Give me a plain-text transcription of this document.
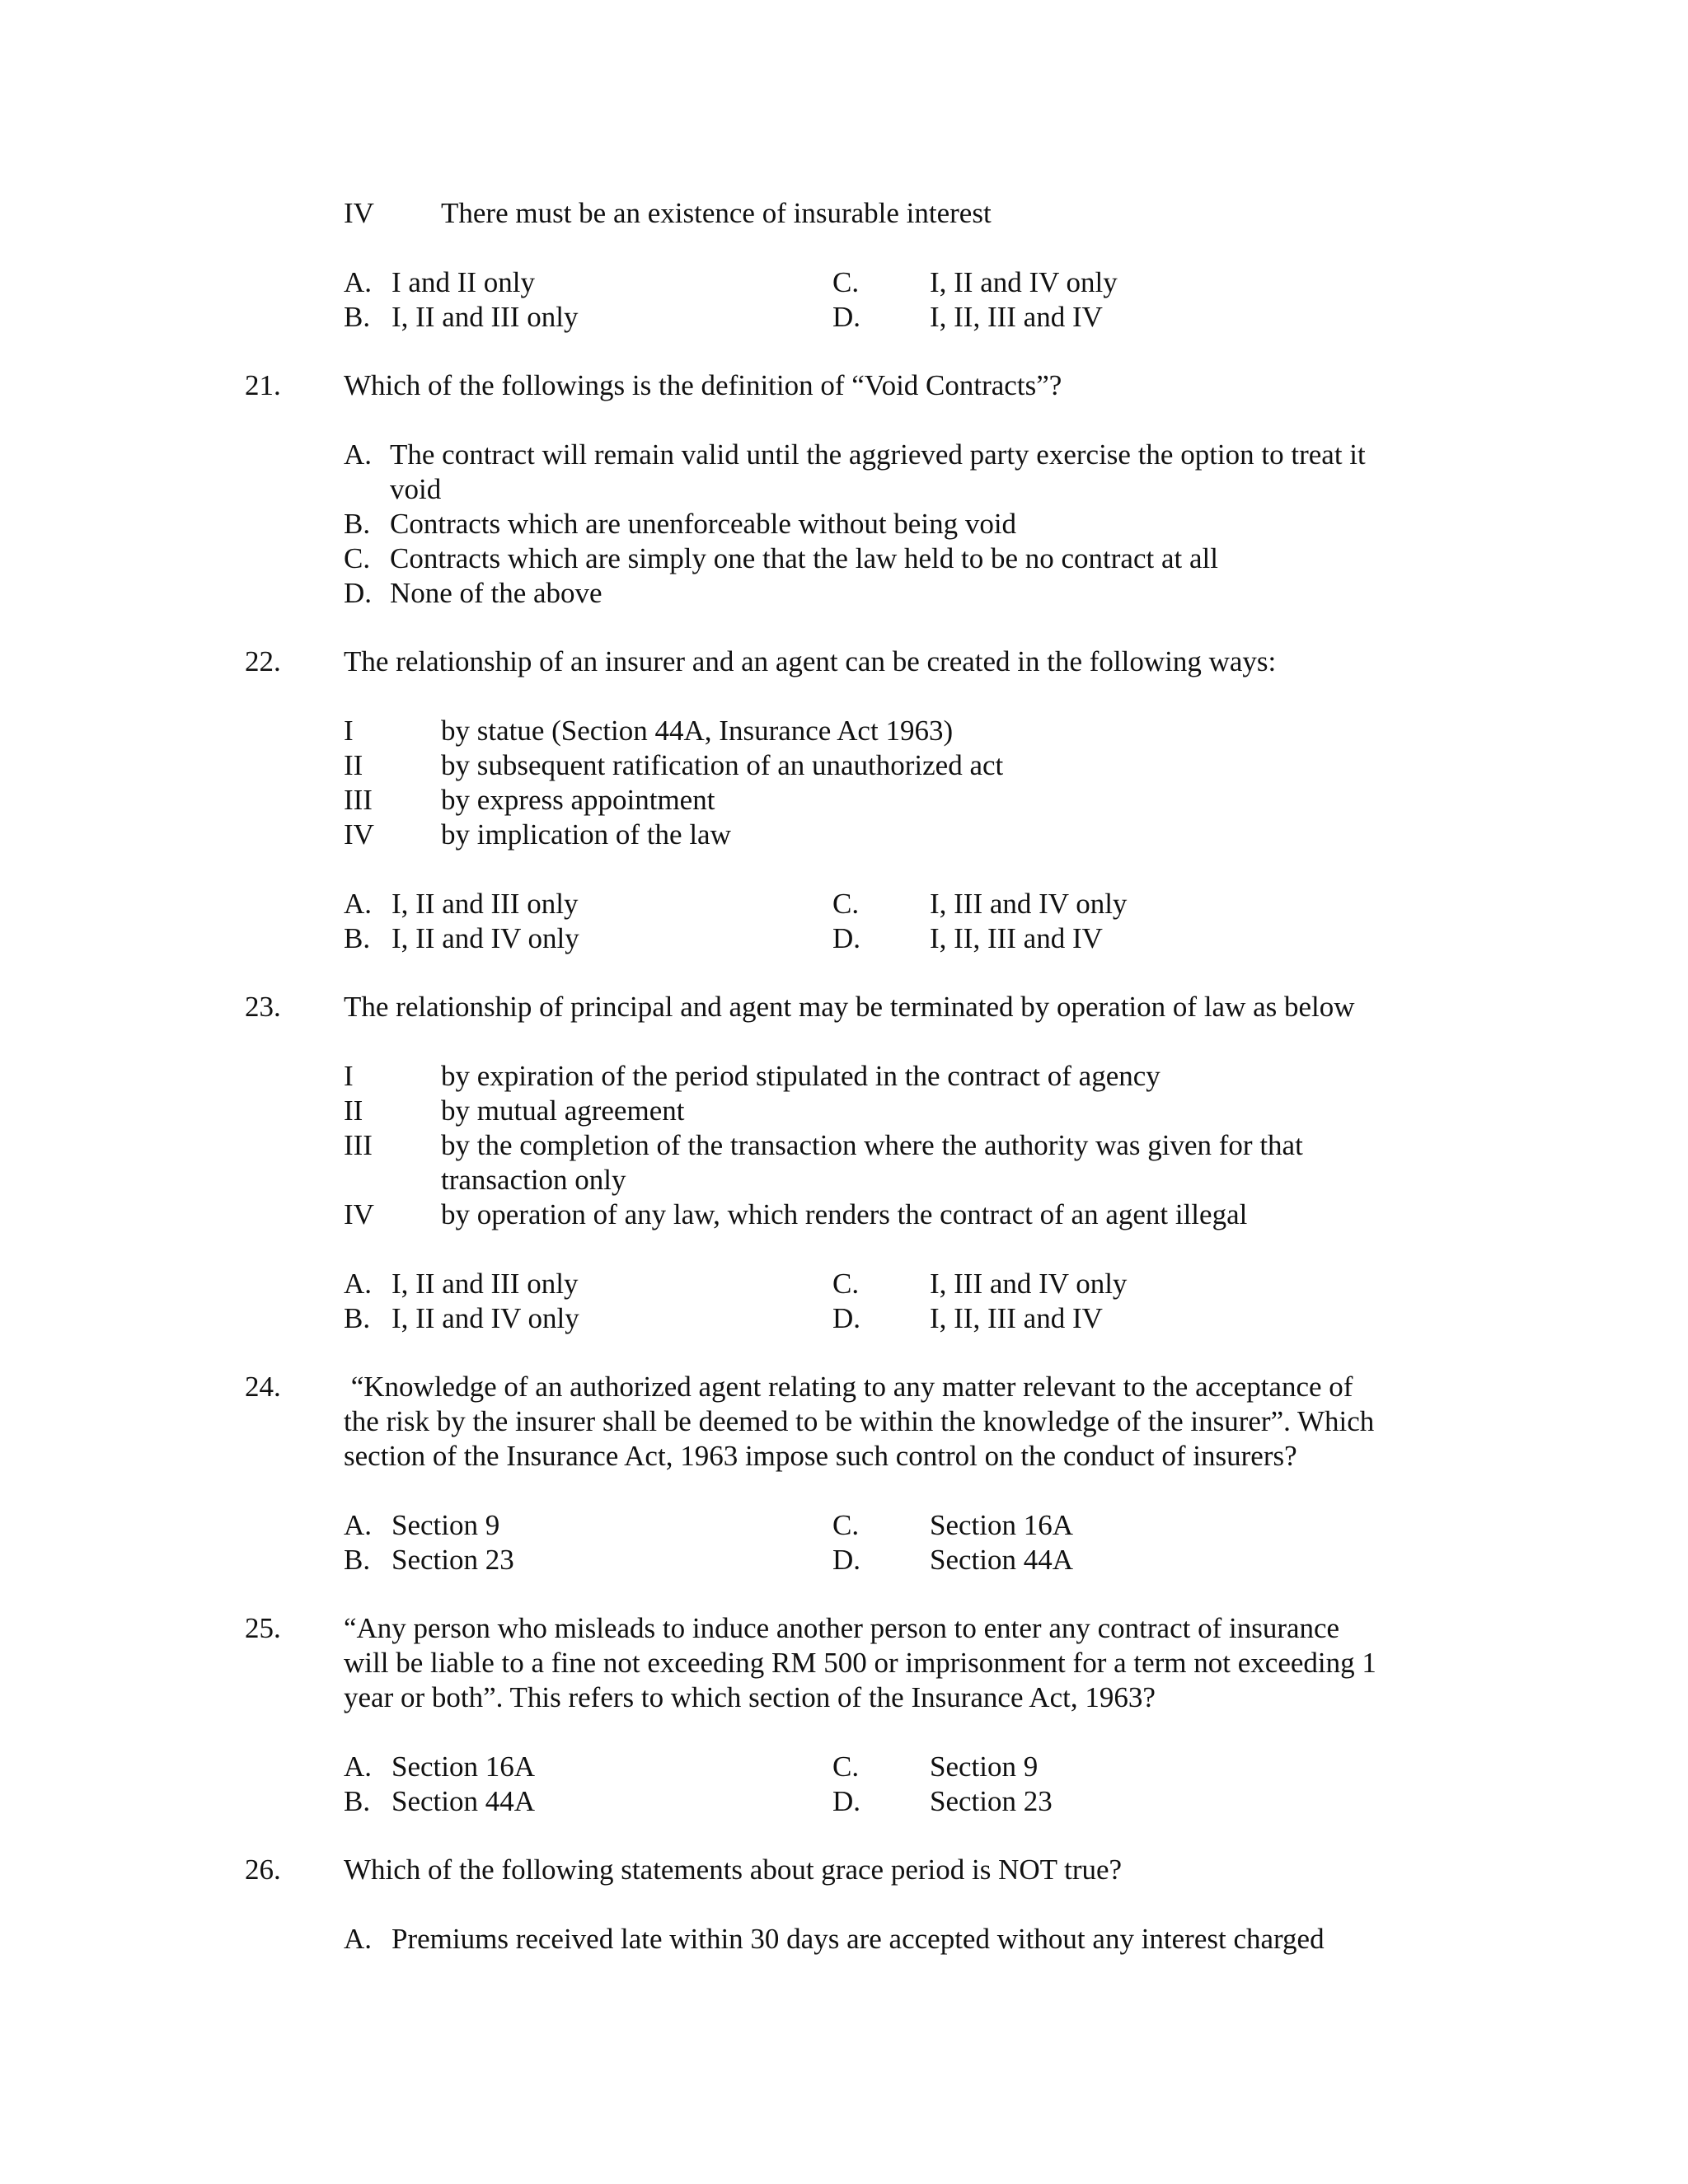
IV There must be an existence of insurable interest
A. I and II only	C. I, II and IV only
B. I, II and III only	D. I, II, III and IV
21. Which of the followings is the definition of “Void Contracts”?
A. The contract will remain valid until the aggrieved party exercise the option to treat it
void
B. Contracts which are unenforceable without being void
C. Contracts which are simply one that the law held to be no contract at all
D. None of the above
22. The relationship of an insurer and an agent can be created in the following ways:
I	by statue (Section 44A, Insurance Act 1963)
II	by subsequent ratification of an unauthorized act
III by express appointment
IV by implication of the law
A. I, II and III only	C. I, III and IV only
B. I, II and IV only	D. I, II, III and IV
23. The relationship of principal and agent may be terminated by operation of law as below
I	by expiration of the period stipulated in the contract of agency
II	by mutual agreement
III by the completion of the transaction where the authority was given for that
transaction only
IV by operation of any law, which renders the contract of an agent illegal
A. I, II and III only	C. I, III and IV only
B. I, II and IV only	D. I, II, III and IV
24. “Knowledge of an authorized agent relating to any matter relevant to the acceptance of
the risk by the insurer shall be deemed to be within the knowledge of the insurer”. Which
section of the Insurance Act, 1963 impose such control on the conduct of insurers?
A. Section 9	C. Section 16A
B. Section 23	D. Section 44A
25. “Any person who misleads to induce another person to enter any contract of insurance
will be liable to a fine not exceeding RM 500 or imprisonment for a term not exceeding 1
year or both”. This refers to which section of the Insurance Act, 1963?
A. Section 16A	C. Section 9
B. Section 44A	D. Section 23
26. Which of the following statements about grace period is NOT true?
A. Premiums received late within 30 days are accepted without any interest charged
